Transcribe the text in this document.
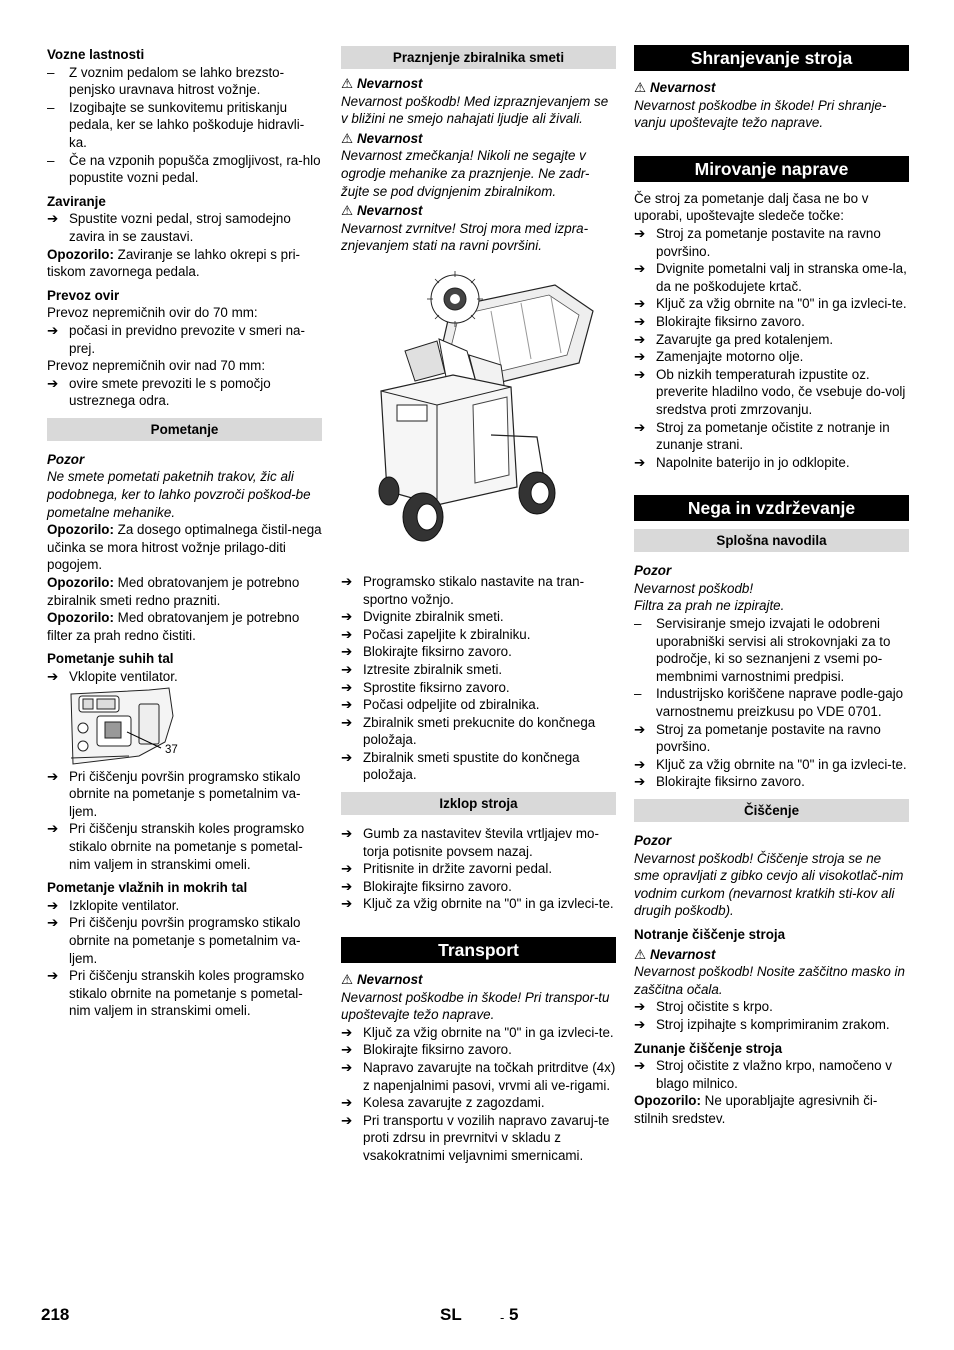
Vozne lastnosti
–	Z voznim pedalom se lahko brezsto-penjsko uravnava hitrost vožnje.
–	Izogibajte se sunkovitemu pritiskanju pedala, ker se lahko poškoduje hidravli-ka.
–	Če na vzponih popušča zmogljivost, ra-hlo popustite vozni pedal.
Zaviranje
➔ Spustite vozni pedal, stroj samodejno zavira in se zaustavi.
Opozorilo: Zaviranje se lahko okrepi s pri-tiskom zavornega pedala.
Prevoz ovir
Prevoz nepremičnih ovir do 70 mm:
➔ počasi in previdno prevozite v smeri na-prej.
Prevoz nepremičnih ovir nad 70 mm:
➔ ovire smete prevoziti le s pomočjo ustreznega odra.
Pometanje
Pozor
Ne smete pometati paketnih trakov, žic ali podobnega, ker to lahko povzroči poškod-be pometalne mehanike.
Opozorilo: Za dosego optimalnega čistil-nega učinka se mora hitrost vožnje prilago-diti pogojem.
Opozorilo: Med obratovanjem je potrebno zbiralnik smeti redno prazniti.
Opozorilo: Med obratovanjem je potrebno filter za prah redno čistiti.
Pometanje suhih tal
➔ Vklopite ventilator.
37
➔ Pri čiščenju površin programsko stikalo obrnite na pometanje s pometalnim va-ljem.
➔ Pri čiščenju stranskih koles programsko stikalo obrnite na pometanje s pometal-nim valjem in stranskimi omeli.
Pometanje vlažnih in mokrih tal
➔ Izklopite ventilator.
➔ Pri čiščenju površin programsko stikalo obrnite na pometanje s pometalnim va-ljem.
➔ Pri čiščenju stranskih koles programsko stikalo obrnite na pometanje s pometal-nim valjem in stranskimi omeli.
Praznjenje zbiralnika smeti
⚠ Nevarnost
Nevarnost poškodb! Med izpraznjevanjem se v bližini ne smejo nahajati ljudje ali živali.
⚠ Nevarnost
Nevarnost zmečkanja! Nikoli ne segajte v ogrodje mehanike za praznjenje. Ne zadr-žujte se pod dvignjenim zbiralnikom.
⚠ Nevarnost
Nevarnost zvrnitve! Stroj mora med izpra-znjevanjem stati na ravni površini.
➔ Programsko stikalo nastavite na tran-sportno vožnjo.
➔ Dvignite zbiralnik smeti.
➔ Počasi zapeljite k zbiralniku.
➔ Blokirajte fiksirno zavoro.
➔ Iztresite zbiralnik smeti.
➔ Sprostite fiksirno zavoro.
➔ Počasi odpeljite od zbiralnika.
➔ Zbiralnik smeti prekucnite do končnega položaja.
➔ Zbiralnik smeti spustite do končnega položaja.
Izklop stroja
➔ Gumb za nastavitev števila vrtljajev mo-torja potisnite povsem nazaj.
➔ Pritisnite in držite zavorni pedal.
➔ Blokirajte fiksirno zavoro.
➔ Ključ za vžig obrnite na "0" in ga izvleci-te.
Transport
⚠ Nevarnost
Nevarnost poškodbe in škode! Pri transpor-tu upoštevajte težo naprave.
➔ Ključ za vžig obrnite na "0" in ga izvleci-te.
➔ Blokirajte fiksirno zavoro.
➔ Napravo zavarujte na točkah pritrditve (4x) z napenjalnimi pasovi, vrvmi ali ve-rigami.
➔ Kolesa zavarujte z zagozdami.
➔ Pri transportu v vozilih napravo zavaruj-te proti zdrsu in prevrnitvi v skladu z vsakokratnimi veljavnimi smernicami.
Shranjevanje stroja
⚠ Nevarnost
Nevarnost poškodbe in škode! Pri shranje-vanju upoštevajte težo naprave.
Mirovanje naprave
Če stroj za pometanje dalj časa ne bo v uporabi, upoštevajte sledeče točke:
➔ Stroj za pometanje postavite na ravno površino.
➔ Dvignite pometalni valj in stranska ome-la, da ne poškodujete krtač.
➔ Ključ za vžig obrnite na "0" in ga izvleci-te.
➔ Blokirajte fiksirno zavoro.
➔ Zavarujte ga pred kotalenjem.
➔ Zamenjajte motorno olje.
➔ Ob nizkih temperaturah izpustite oz. preverite hladilno vodo, če vsebuje do-volj sredstva proti zmrzovanju.
➔ Stroj za pometanje očistite z notranje in zunanje strani.
➔ Napolnite baterijo in jo odklopite.
Nega in vzdrževanje
Splošna navodila
Pozor
Nevarnost poškodb!
Filtra za prah ne izpirajte.
–	Servisiranje smejo izvajati le odobreni uporabniški servisi ali strokovnjaki za to področje, ki so seznanjeni z vsemi po-membnimi varnostnimi predpisi.
–	Industrijsko koriščene naprave podle-gajo varnostnemu preizkusu po VDE 0701.
➔ Stroj za pometanje postavite na ravno površino.
➔ Ključ za vžig obrnite na "0" in ga izvleci-te.
➔ Blokirajte fiksirno zavoro.
Čiščenje
Pozor
Nevarnost poškodb! Čiščenje stroja se ne sme opravljati z gibko cevjo ali visokotlač-nim vodnim curkom (nevarnost kratkih sti-kov ali drugih poškodb).
Notranje čiščenje stroja
⚠ Nevarnost
Nevarnost poškodb! Nosite zaščitno masko in zaščitna očala.
➔ Stroj očistite s krpo.
➔ Stroj izpihajte s komprimiranim zrakom.
Zunanje čiščenje stroja
➔ Stroj očistite z vlažno krpo, namočeno v blago milnico.
Opozorilo: Ne uporabljajte agresivnih či-stilnih sredstev.
218	SL	- 5
